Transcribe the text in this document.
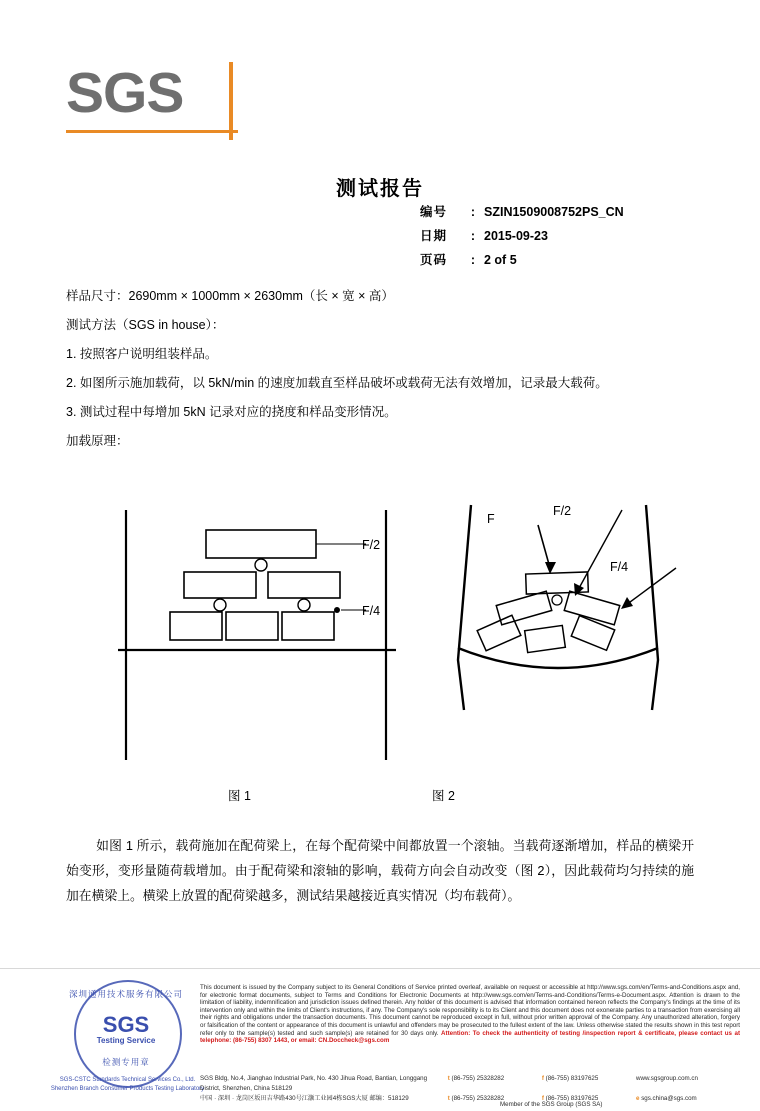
SGS
测试报告
编号	: SZIN1509008752PS_CN
日期	: 2015-09-23
页码	: 2 of 5

样品尺寸：2690mm × 1000mm × 2630mm（长 × 宽 × 高）

测试方法（SGS in house）：

1. 按照客户说明组装样品。

2. 如图所示施加载荷，以 5kN/min 的速度加载直至样品破坏或载荷无法有效增加，记录最大载荷。

3. 测试过程中每增加 5kN 记录对应的挠度和样品变形情况。

加载原理：

F/2
F/4
F/2
F
F/4
图 1	图 2
如图 1 所示，载荷施加在配荷梁上，在每个配荷梁中间都放置一个滚轴。当载荷逐渐增加，样品的横梁开始变形，变形量随荷载增加。由于配荷梁和滚轴的影响，载荷方向会自动改变（图 2），因此载荷均匀持续的施加在横梁上。横梁上放置的配荷梁越多，测试结果越接近真实情况（均布载荷）。
深圳通用技术服务有限公司
SGS
Testing Service
检测专用章
SGS-CSTC Standards Technical Services Co., Ltd.
Shenzhen Branch Consumer Products Testing Laboratory
This document is issued by the Company subject to its General Conditions of Service printed overleaf, available on request or accessible at http://www.sgs.com/en/Terms-and-Conditions.aspx and, for electronic format documents, subject to Terms and Conditions for Electronic Documents at http://www.sgs.com/en/Terms-and-Conditions/Terms-e-Document.aspx. Attention is drawn to the limitation of liability, indemnification and jurisdiction issues defined therein. Any holder of this document is advised that information contained hereon reflects the Company's findings at the time of its intervention only and within the limits of Client's instructions, if any. The Company's sole responsibility is to its Client and this document does not exonerate parties to a transaction from exercising all their rights and obligations under the transaction documents. This document cannot be reproduced except in full, without prior written approval of the Company. Any unauthorized alteration, forgery or falsification of the content or appearance of this document is unlawful and offenders may be prosecuted to the fullest extent of the law. Unless otherwise stated the results shown in this test report refer only to the sample(s) tested and such sample(s) are retained for 30 days only. Attention: To check the authenticity of testing /inspection report & certificate, please contact us at telephone: (86-755) 8307 1443, or email: CN.Doccheck@sgs.com
SGS Bldg, No.4, Jianghao Industrial Park, No. 430 Jihua Road, Bantian, Longgang District, Shenzhen, China 518129
t (86-755) 25328282	f (86-755) 83197625	www.sgsgroup.com.cn
中国 · 深圳 · 龙岗区坂田吉华路430号江灏工业园4栋SGS大厦 邮编：518129	t (86-755) 25328282	f (86-755) 83197625	e sgs.china@sgs.com
Member of the SGS Group (SGS SA)
